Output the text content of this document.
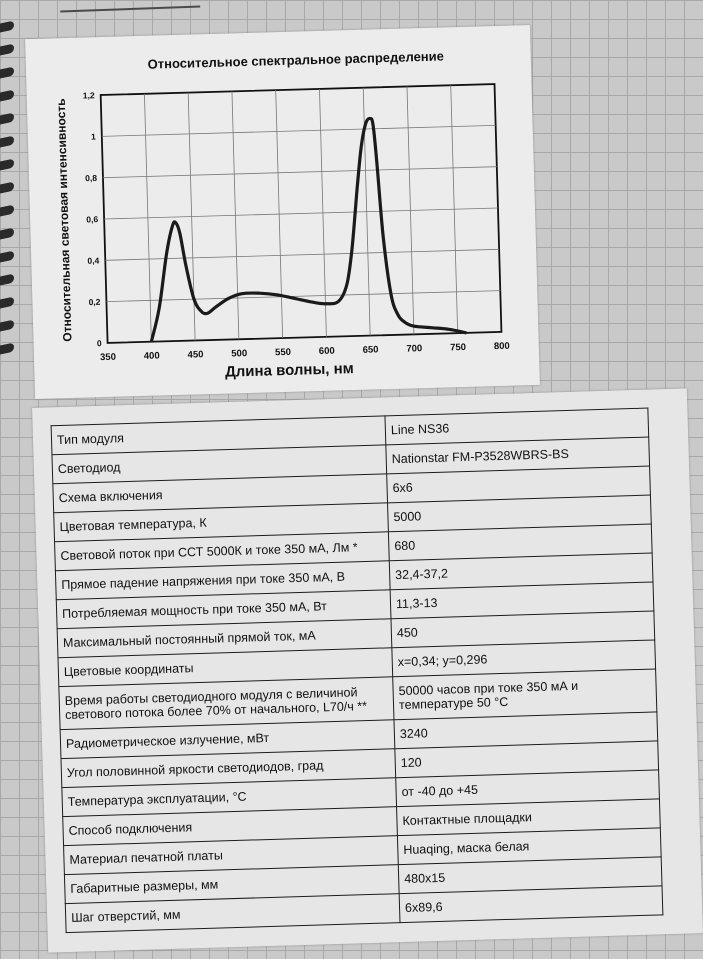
Относительное спектральное распределение
350	400	450	500	550	600	650	700	750	800
0
0,2
0,4
0,6
0,8
1
1,2
Длина волны, нм
Относительная световая интенсивность
Тип модуля	Line NS36
Светодиод	Nationstar FM-P3528WBRS-BS
Схема включения	6х6
Цветовая температура, К	5000
Световой поток при ССТ 5000К и токе 350 мА, Лм *	680
Прямое падение напряжения при токе 350 мА, В	32,4-37,2
Потребляемая мощность при токе 350 мА, Вт	11,3-13
Максимальный постоянный прямой ток, мА	450
Цветовые координаты	x=0,34; y=0,296
Время работы светодиодного модуля с величиной светового потока более 70% от начального, L70/ч **	50000 часов при токе 350 мА и температуре 50 °С
Радиометрическое излучение, мВт	3240
Угол половинной яркости светодиодов, град	120
Температура эксплуатации, °С	от -40 до +45
Способ подключения	Контактные площадки
Материал печатной платы	Huaqing, маска белая
Габаритные размеры, мм	480х15
Шаг отверстий, мм	6х89,6
